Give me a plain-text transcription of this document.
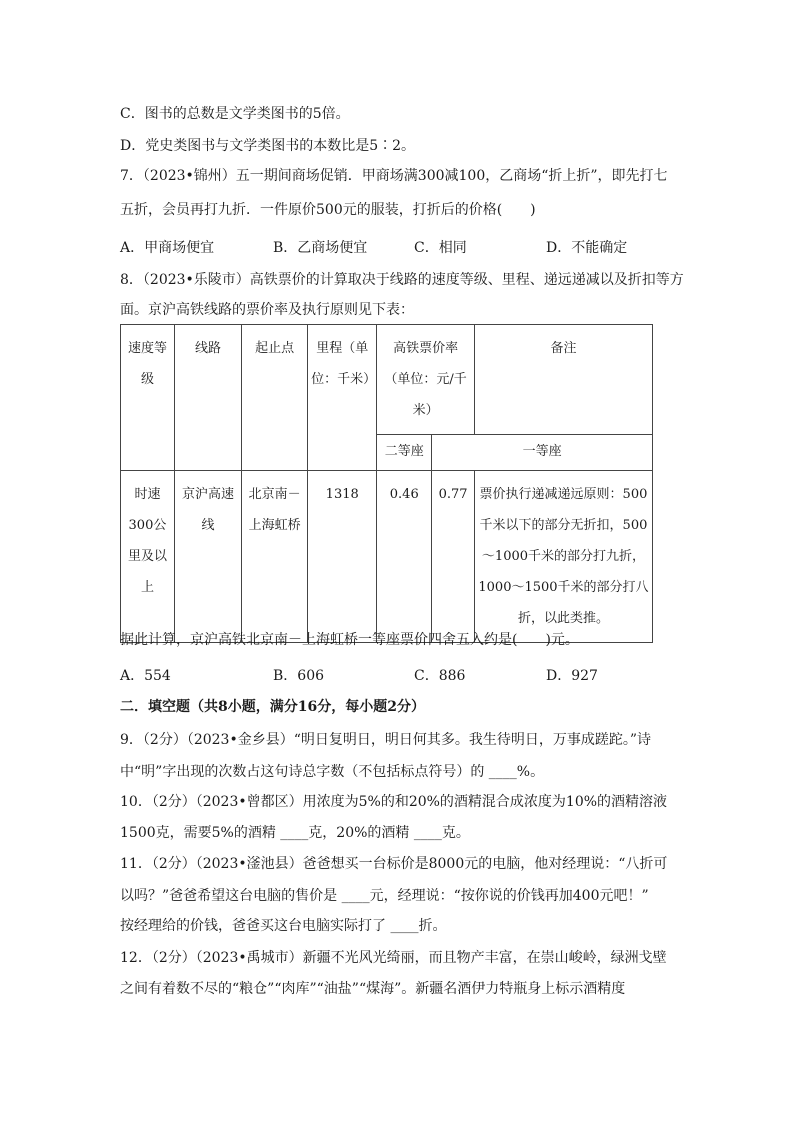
C．图书的总数是文学类图书的5倍。
D．党史类图书与文学类图书的本数比是5∶2。
7．（2023•锦州）五一期间商场促销．甲商场满300减100，乙商场“折上折”，即先打七
五折，会员再打九折．一件原价500元的服装，打折后的价格(　　)
A．甲商场便宜	B．乙商场便宜	C．相同	D．不能确定
8．（2023•乐陵市）高铁票价的计算取决于线路的速度等级、里程、递远递减以及折扣等方
面。京沪高铁线路的票价率及执行原则见下表：
速度等级	线路	起止点	里程（单位：千米）	高铁票价率（单位：元/千米）		备注
				二等座	一等座	
时速300公里及以上	京沪高速线	北京南－上海虹桥	1318	0.46	0.77	票价执行递减递远原则：500千米以下的部分无折扣，500～1000千米的部分打九折，1000～1500千米的部分打八折，以此类推。
据此计算，京沪高铁北京南－上海虹桥一等座票价四舍五入约是(　　)元。
A．554	B．606	C．886	D．927
二．填空题（共8小题，满分16分，每小题2分）
9．（2分）（2023•金乡县）“明日复明日，明日何其多。我生待明日，万事成蹉跎。”诗
中“明”字出现的次数占这句诗总字数（不包括标点符号）的 ____%。
10．（2分）（2023•曾都区）用浓度为5%的和20%的酒精混合成浓度为10%的酒精溶液
1500克，需要5%的酒精 ____克，20%的酒精 ____克。
11．（2分）（2023•滏池县）爸爸想买一台标价是8000元的电脑，他对经理说：“八折可
以吗？”爸爸希望这台电脑的售价是 ____元，经理说：“按你说的价钱再加400元吧！”
按经理给的价钱，爸爸买这台电脑实际打了 ____折。
12．（2分）（2023•禹城市）新疆不光风光绮丽，而且物产丰富，在崇山峻岭，绿洲戈壁
之间有着数不尽的“粮仓”“肉库”“油盐”“煤海”。新疆名酒伊力特瓶身上标示酒精度
